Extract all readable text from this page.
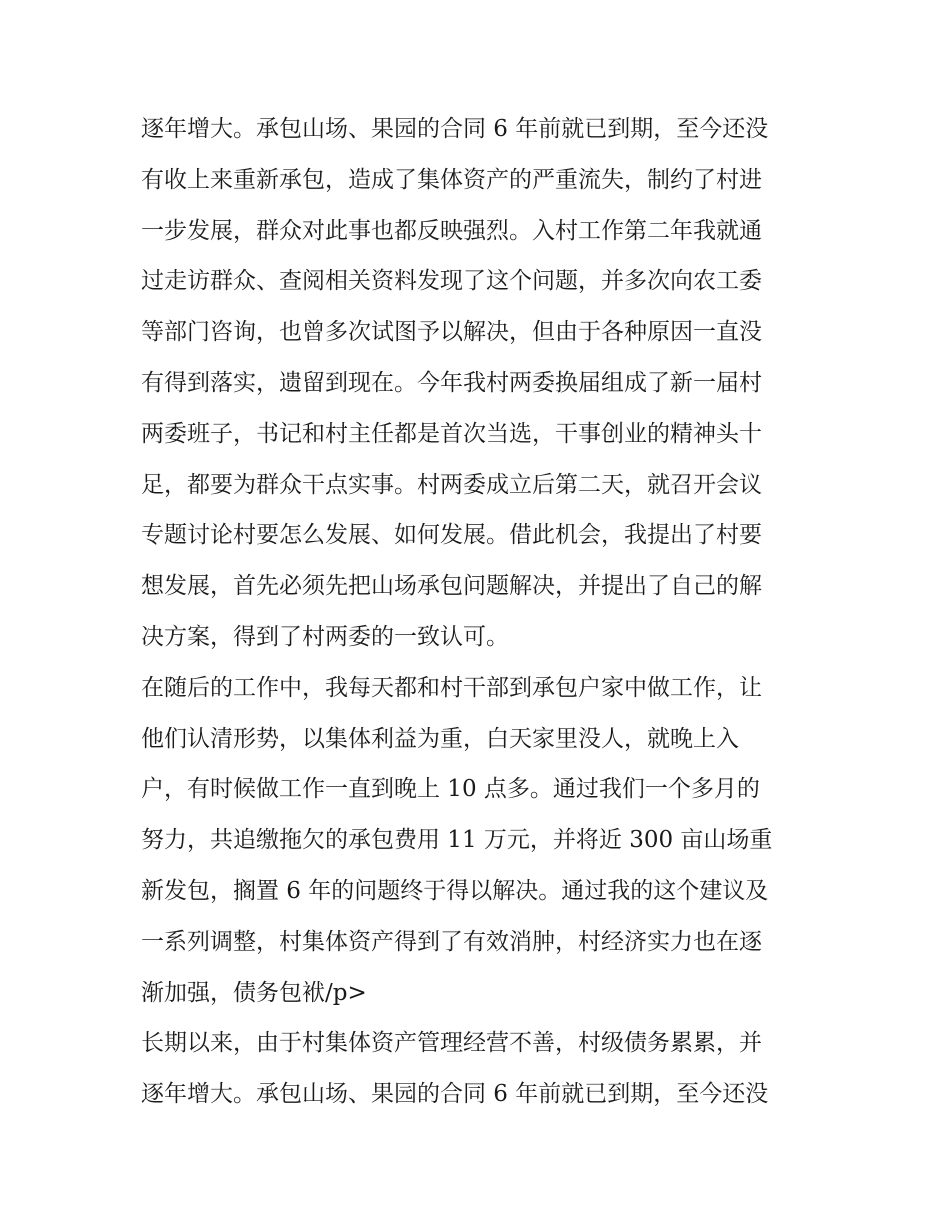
逐年增大。承包山场、果园的合同 6 年前就已到期，至今还没
有收上来重新承包，造成了集体资产的严重流失，制约了村进
一步发展，群众对此事也都反映强烈。入村工作第二年我就通
过走访群众、查阅相关资料发现了这个问题，并多次向农工委
等部门咨询，也曾多次试图予以解决，但由于各种原因一直没
有得到落实，遗留到现在。今年我村两委换届组成了新一届村
两委班子，书记和村主任都是首次当选，干事创业的精神头十
足，都要为群众干点实事。村两委成立后第二天，就召开会议
专题讨论村要怎么发展、如何发展。借此机会，我提出了村要
想发展，首先必须先把山场承包问题解决，并提出了自己的解
决方案，得到了村两委的一致认可。
在随后的工作中，我每天都和村干部到承包户家中做工作，让
他们认清形势，以集体利益为重，白天家里没人，就晚上入
户，有时候做工作一直到晚上 10 点多。通过我们一个多月的
努力，共追缴拖欠的承包费用 11 万元，并将近 300 亩山场重
新发包，搁置 6 年的问题终于得以解决。通过我的这个建议及
一系列调整，村集体资产得到了有效消肿，村经济实力也在逐
渐加强，债务包袱/p>
长期以来，由于村集体资产管理经营不善，村级债务累累，并
逐年增大。承包山场、果园的合同 6 年前就已到期，至今还没
